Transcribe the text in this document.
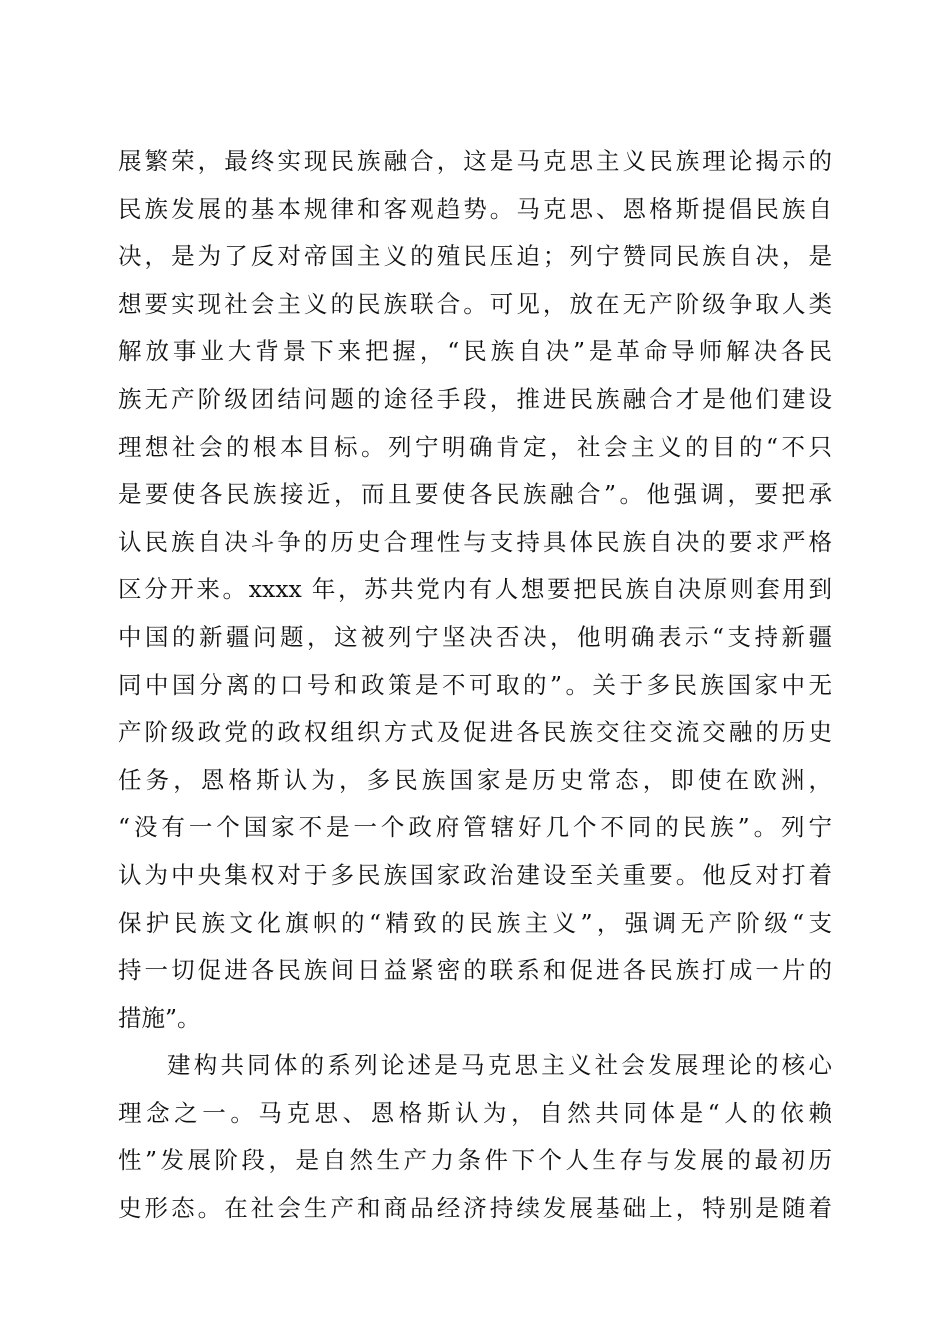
展繁荣，最终实现民族融合，这是马克思主义民族理论揭示的
民族发展的基本规律和客观趋势。马克思、恩格斯提倡民族自
决，是为了反对帝国主义的殖民压迫；列宁赞同民族自决，是
想要实现社会主义的民族联合。可见，放在无产阶级争取人类
解放事业大背景下来把握，“民族自决”是革命导师解决各民
族无产阶级团结问题的途径手段，推进民族融合才是他们建设
理想社会的根本目标。列宁明确肯定，社会主义的目的“不只
是要使各民族接近，而且要使各民族融合”。他强调，要把承
认民族自决斗争的历史合理性与支持具体民族自决的要求严格
区分开来。xxxx 年，苏共党内有人想要把民族自决原则套用到
中国的新疆问题，这被列宁坚决否决，他明确表示“支持新疆
同中国分离的口号和政策是不可取的”。关于多民族国家中无
产阶级政党的政权组织方式及促进各民族交往交流交融的历史
任务，恩格斯认为，多民族国家是历史常态，即使在欧洲，
“没有一个国家不是一个政府管辖好几个不同的民族”。列宁
认为中央集权对于多民族国家政治建设至关重要。他反对打着
保护民族文化旗帜的“精致的民族主义”，强调无产阶级“支
持一切促进各民族间日益紧密的联系和促进各民族打成一片的
措施”。
建构共同体的系列论述是马克思主义社会发展理论的核心
理念之一。马克思、恩格斯认为，自然共同体是“人的依赖
性”发展阶段，是自然生产力条件下个人生存与发展的最初历
史形态。在社会生产和商品经济持续发展基础上，特别是随着
